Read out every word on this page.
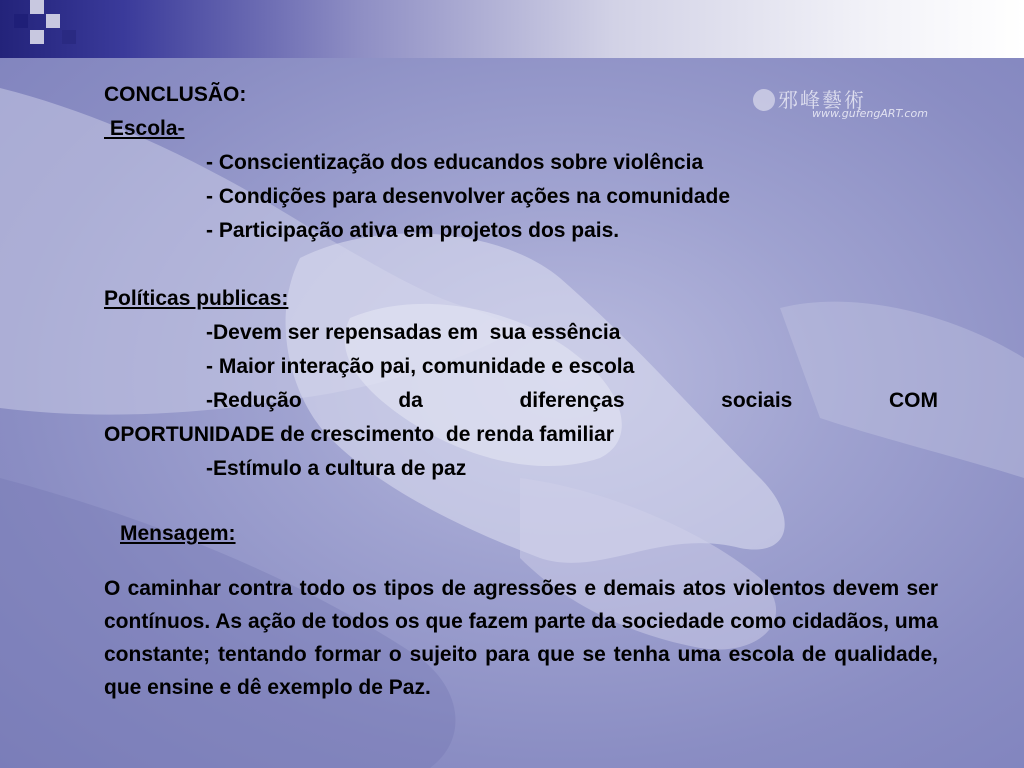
邪峰藝術
www.gufengART.com
CONCLUSÃO:
Escola-
- Conscientização dos educandos sobre violência
- Condições para desenvolver ações na comunidade
- Participação ativa em projetos dos pais.
Políticas publicas:
-Devem ser repensadas em  sua essência
- Maior interação pai, comunidade e escola
-Redução	da	diferenças	sociais	COM
OPORTUNIDADE de crescimento  de renda familiar
-Estímulo a cultura de paz
Mensagem:
O caminhar contra todo os tipos de agressões e demais atos violentos devem ser contínuos. As ação de todos os que fazem parte da sociedade como cidadãos, uma constante; tentando formar o sujeito para que se tenha uma escola de qualidade, que ensine e dê exemplo de Paz.
